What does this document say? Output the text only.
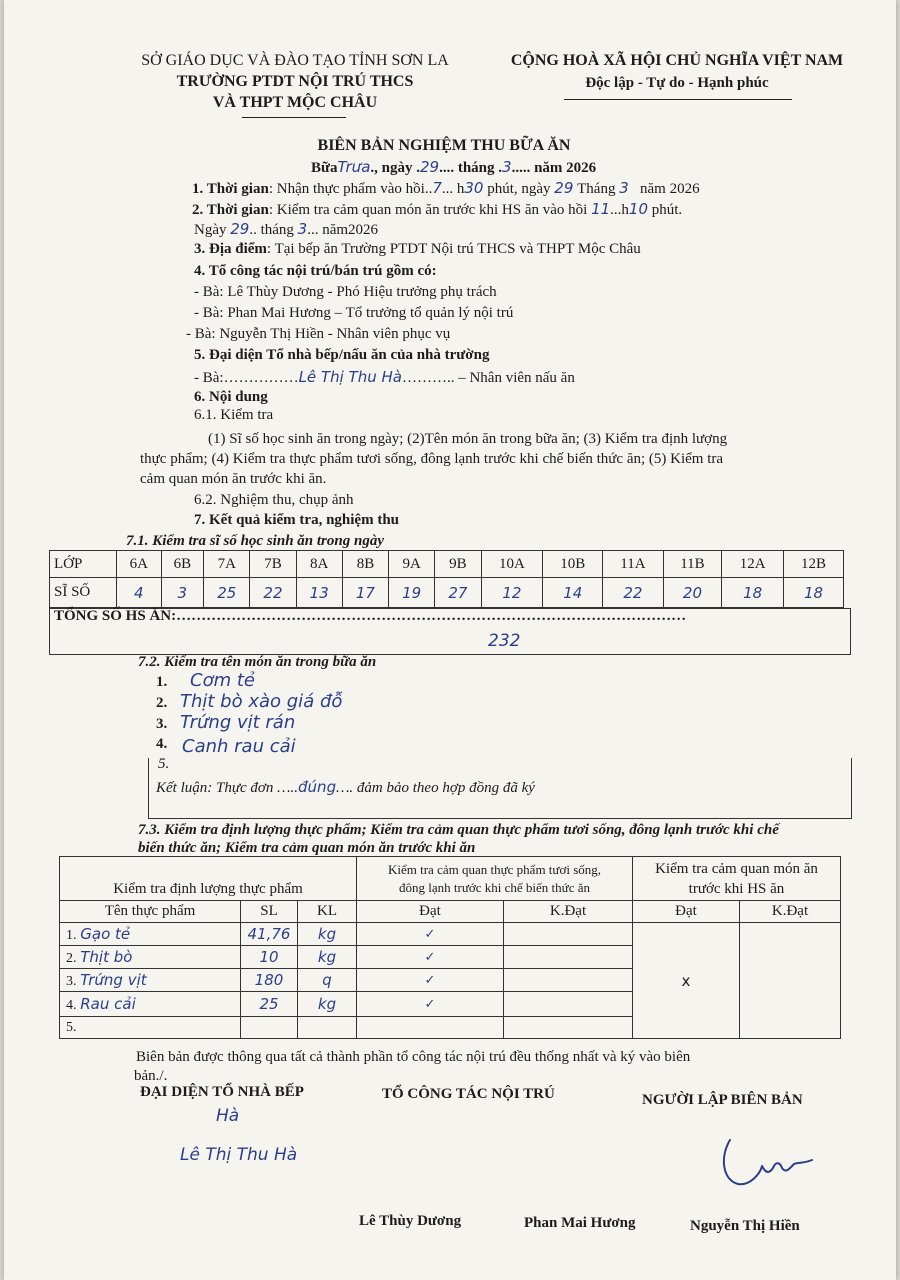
SỞ GIÁO DỤC VÀ ĐÀO TẠO TỈNH SƠN LA
TRƯỜNG PTDT NỘI TRÚ THCS
VÀ THPT MỘC CHÂU
CỘNG HOÀ XÃ HỘI CHỦ NGHĨA VIỆT NAM
Độc lập - Tự do - Hạnh phúc
BIÊN BẢN NGHIỆM THU BỮA ĂN
BữaTrưa., ngày .29.... tháng .3..... năm 2026
1. Thời gian: Nhận thực phẩm vào hồi..7... h30 phút, ngày 29 Tháng 3 năm 2026
2. Thời gian: Kiểm tra cảm quan món ăn trước khi HS ăn vào hồi 11...h10 phút.
Ngày 29.. tháng 3... năm2026
3. Địa điểm: Tại bếp ăn Trường PTDT Nội trú THCS và THPT Mộc Châu
4. Tổ công tác nội trú/bán trú gồm có:
- Bà: Lê Thùy Dương - Phó Hiệu trưởng phụ trách
- Bà: Phan Mai Hương – Tổ trưởng tổ quản lý nội trú
- Bà: Nguyễn Thị Hiền - Nhân viên phục vụ
5. Đại diện Tổ nhà bếp/nấu ăn của nhà trường
- Bà:……………Lê Thị Thu Hà……….. – Nhân viên nấu ăn
6. Nội dung
6.1. Kiểm tra
(1) Sĩ số học sinh ăn trong ngày; (2)Tên món ăn trong bữa ăn; (3) Kiểm tra định lượng
thực phẩm; (4) Kiểm tra thực phẩm tươi sống, đông lạnh trước khi chế biến thức ăn; (5) Kiểm tra
cảm quan món ăn trước khi ăn.
6.2. Nghiệm thu, chụp ảnh
7. Kết quả kiểm tra, nghiệm thu
7.1. Kiểm tra sĩ số học sinh ăn trong ngày
LỚP	6A	6B	7A	7B	8A	8B	9A	9B	10A	10B	11A	11B	12A	12B
SĨ SỐ	4	3	25	22	13	17	19	27	12	14	22	20	18	18
TỔNG SỐ HS ĂN:…………………………………………………………………………………………
232
7.2. Kiểm tra tên món ăn trong bữa ăn
1. Cơm tẻ
2. Thịt bò xào giá đỗ
3. Trứng vịt rán
4. Canh rau cải
5.
Kết luận: Thực đơn …..đúng…. đảm bảo theo hợp đồng đã ký
7.3. Kiểm tra định lượng thực phẩm; Kiểm tra cảm quan thực phẩm tươi sống, đông lạnh trước khi chế
biến thức ăn; Kiểm tra cảm quan món ăn trước khi ăn
Kiểm tra định lượng thực phẩm			Kiểm tra cảm quan thực phẩm tươi sống,
đông lạnh trước khi chế biến thức ăn		Kiểm tra cảm quan món ăn
trước khi HS ăn	
Tên thực phẩm	SL	KL	Đạt	K.Đạt	Đạt	K.Đạt
1. Gạo tẻ	41,76	kg	✓		x	
2. Thịt bò	10	kg	✓			
3. Trứng vịt	180	q	✓			
4. Rau cải	25	kg	✓			
5.						
Biên bản được thông qua tất cả thành phần tổ công tác nội trú đều thống nhất và ký vào biên
bản./.
ĐẠI DIỆN TỔ NHÀ BẾP	TỔ CÔNG TÁC NỘI TRÚ	NGƯỜI LẬP BIÊN BẢN
Hà
Lê Thị Thu Hà
Lê Thùy Dương	Phan Mai Hương	Nguyễn Thị Hiền
